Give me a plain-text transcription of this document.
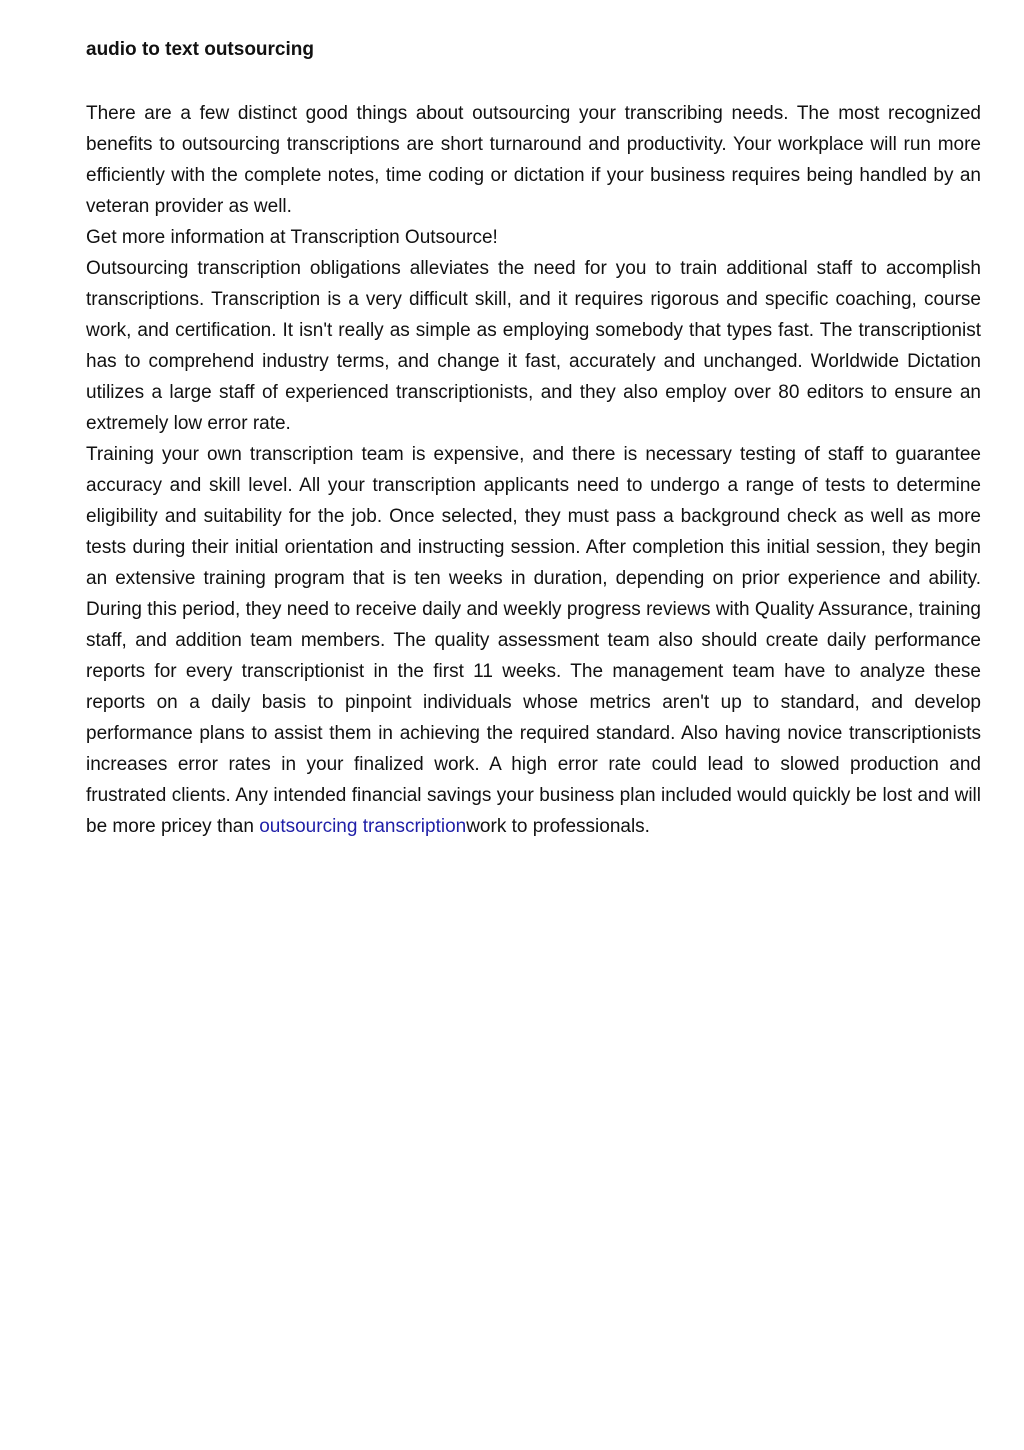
audio to text outsourcing

There are a few distinct good things about outsourcing your transcribing needs. The most recognized benefits to outsourcing transcriptions are short turnaround and productivity. Your workplace will run more efficiently with the complete notes, time coding or dictation if your business requires being handled by an veteran provider as well.

Get more information at Transcription Outsource!

Outsourcing transcription obligations alleviates the need for you to train additional staff to accomplish transcriptions. Transcription is a very difficult skill, and it requires rigorous and specific coaching, course work, and certification. It isn't really as simple as employing somebody that types fast. The transcriptionist has to comprehend industry terms, and change it fast, accurately and unchanged. Worldwide Dictation utilizes a large staff of experienced transcriptionists, and they also employ over 80 editors to ensure an extremely low error rate.

Training your own transcription team is expensive, and there is necessary testing of staff to guarantee accuracy and skill level. All your transcription applicants need to undergo a range of tests to determine eligibility and suitability for the job. Once selected, they must pass a background check as well as more tests during their initial orientation and instructing session. After completion this initial session, they begin an extensive training program that is ten weeks in duration, depending on prior experience and ability. During this period, they need to receive daily and weekly progress reviews with Quality Assurance, training staff, and addition team members. The quality assessment team also should create daily performance reports for every transcriptionist in the first 11 weeks. The management team have to analyze these reports on a daily basis to pinpoint individuals whose metrics aren't up to standard, and develop performance plans to assist them in achieving the required standard. Also having novice transcriptionists increases error rates in your finalized work. A high error rate could lead to slowed production and frustrated clients. Any intended financial savings your business plan included would quickly be lost and will be more pricey than outsourcing transcriptionwork to professionals.
